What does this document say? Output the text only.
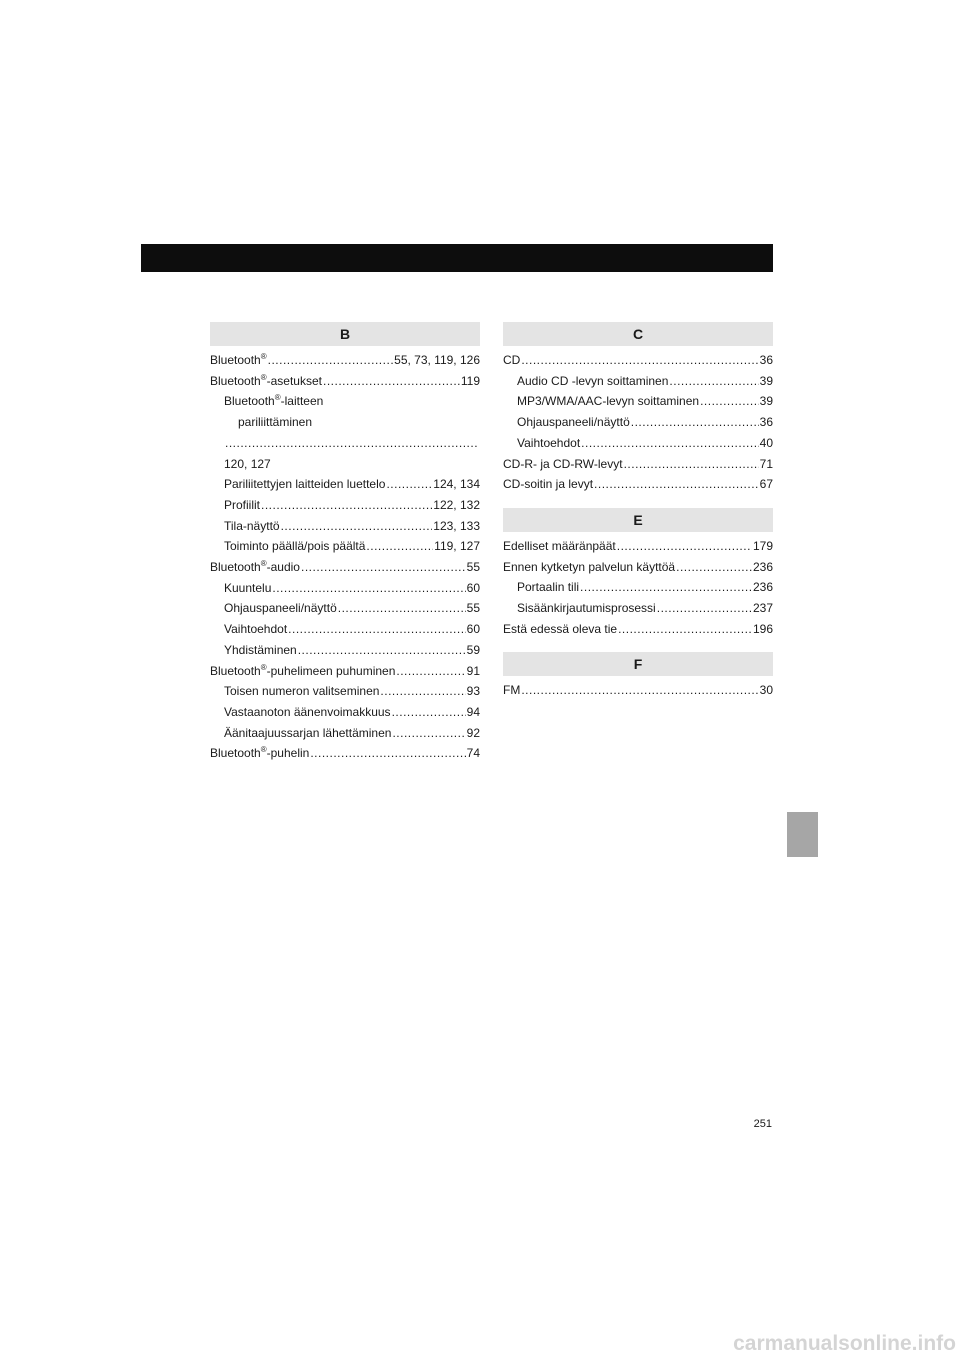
B
Bluetooth® .....	55, 73, 119, 126
Bluetooth®-asetukset .....	119
Bluetooth®-laitteen
pariliittäminen
.....
120, 127
Pariliitettyjen laitteiden luettelo .....	124, 134
Profiilit .....	122, 132
Tila-näyttö .....	123, 133
Toiminto päällä/pois päältä .....	119, 127
Bluetooth®-audio .....	55
Kuuntelu .....	60
Ohjauspaneeli/näyttö .....	55
Vaihtoehdot .....	60
Yhdistäminen .....	59
Bluetooth®-puhelimeen puhuminen .....	91
Toisen numeron valitseminen .....	93
Vastaanoton äänenvoimakkuus .....	94
Äänitaajuussarjan lähettäminen .....	92
Bluetooth®-puhelin .....	74
C
CD .....	36
Audio CD -levyn soittaminen .....	39
MP3/WMA/AAC-levyn soittaminen .....	39
Ohjauspaneeli/näyttö .....	36
Vaihtoehdot .....	40
CD-R- ja CD-RW-levyt .....	71
CD-soitin ja levyt .....	67
E
Edelliset määränpäät .....	179
Ennen kytketyn palvelun käyttöä .....	236
Portaalin tili .....	236
Sisäänkirjautumisprosessi .....	237
Estä edessä oleva tie .....	196
F
FM .....	30
251
carmanualsonline.info
